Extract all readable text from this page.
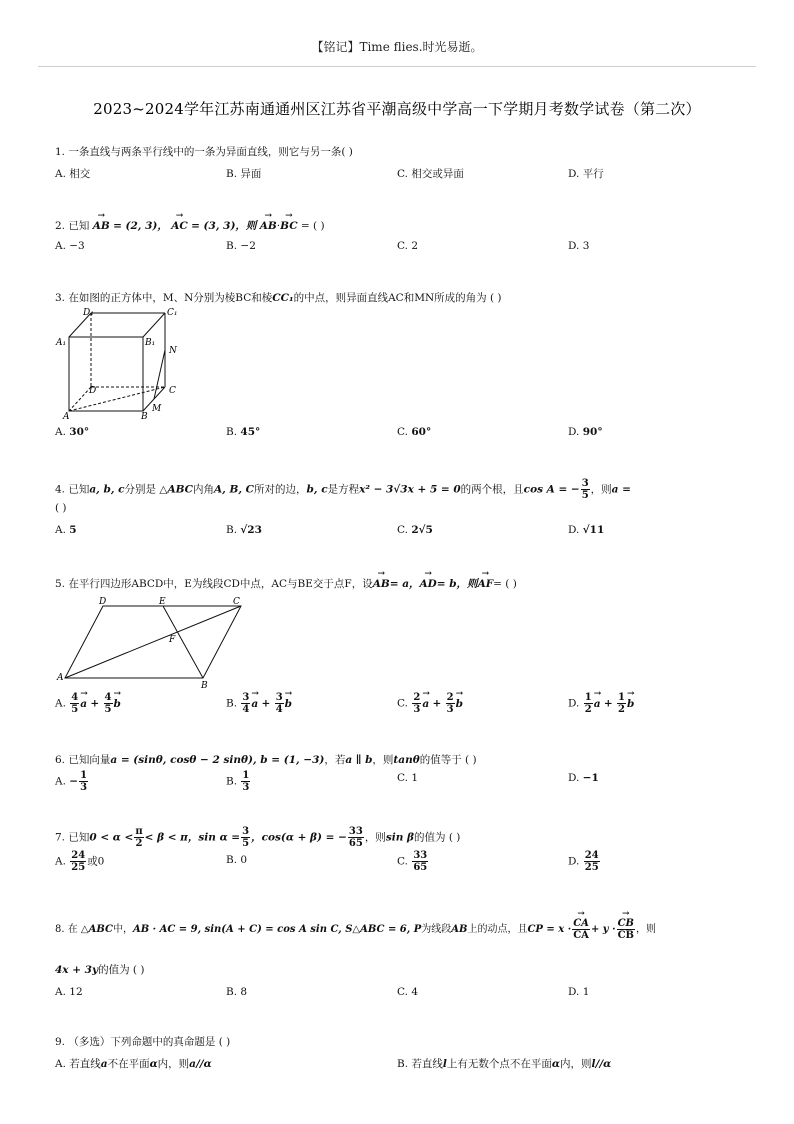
【铭记】Time flies.时光易逝。
2023~2024学年江苏南通通州区江苏省平潮高级中学高一下学期月考数学试卷（第二次）
1. 一条直线与两条平行线中的一条为异面直线，则它与另一条( )
A. 相交	B. 异面	C. 相交或异面	D. 平行
2. 已知 → AB = (2, 3)， → AC = (3, 3)，则 → AB·→ BC = ( )
A. −3	B. −2	C. 2	D. 3
3. 在如图的正方体中，M、N分别为棱BC和棱CC₁的中点，则异面直线AC和MN所成的角为 ( )
D₁	C₁
A₁	B₁
N
D	C
A	B
M
A. 30°	B. 45°	C. 60°	D. 90°
4. 已知a, b, c分别是 △ABC内角A, B, C所对的边，b, c是方程x² − 3√3x + 5 = 0的两个根，且cos A = − $\frac{3}{5}$ ，则a =
( )
A. 5	B. √23	C. 2√5	D. √11
5. 在平行四边形ABCD中，E为线段CD中点，AC与BE交于点F，设→ AB= a，→ AD= b，则→ AF= ( )
D	E	C
F
A
B
A. $\frac{4}{5}$
→ $a + \frac{4}{5}$
→ b	B. $\frac{3}{4}$
→ $a + \frac{3}{4}$
→ b	C. $\frac{2}{3}$
→ $a + \frac{2}{3}$
→ b	D. $\frac{1}{2}$
→ $a + \frac{1}{2}$
→ b
6. 已知向量a = (sinθ, cosθ − 2 sinθ), b = (1, −3)，若a ∥ b，则tanθ的值等于 ( )
A. − $\frac{1}{3}$	B. $\frac{1}{3}$	C. 1	D. −1
7. 已知$0 < \alpha < \frac{\pi}{2} < \beta < \pi$，$\sin \alpha = \frac{3}{5}$ ，cos(α + β) = − $\frac{33}{65}$ ，则sin β的值为 ( )
A. $\frac{24}{25}$ 或0	B. 0	C. $\frac{33}{65}$	D. $\frac{24}{25}$
8. 在 △ABC中，AB · AC = 9, sin(A + C) = cos A sin C, S△ABC = 6, P为线段AB上的动点，且CP = x ·
→ $\frac{CA}{CA} + y$ ·
→ $\frac{CB}{CB}$ ，则
4x + 3y的值为 ( )
A. 12	B. 8	C. 4	D. 1
9. （多选）下列命题中的真命题是 ( )
A. 若直线a不在平面α内，则a//α	B. 若直线l上有无数个点不在平面α内，则l//α
